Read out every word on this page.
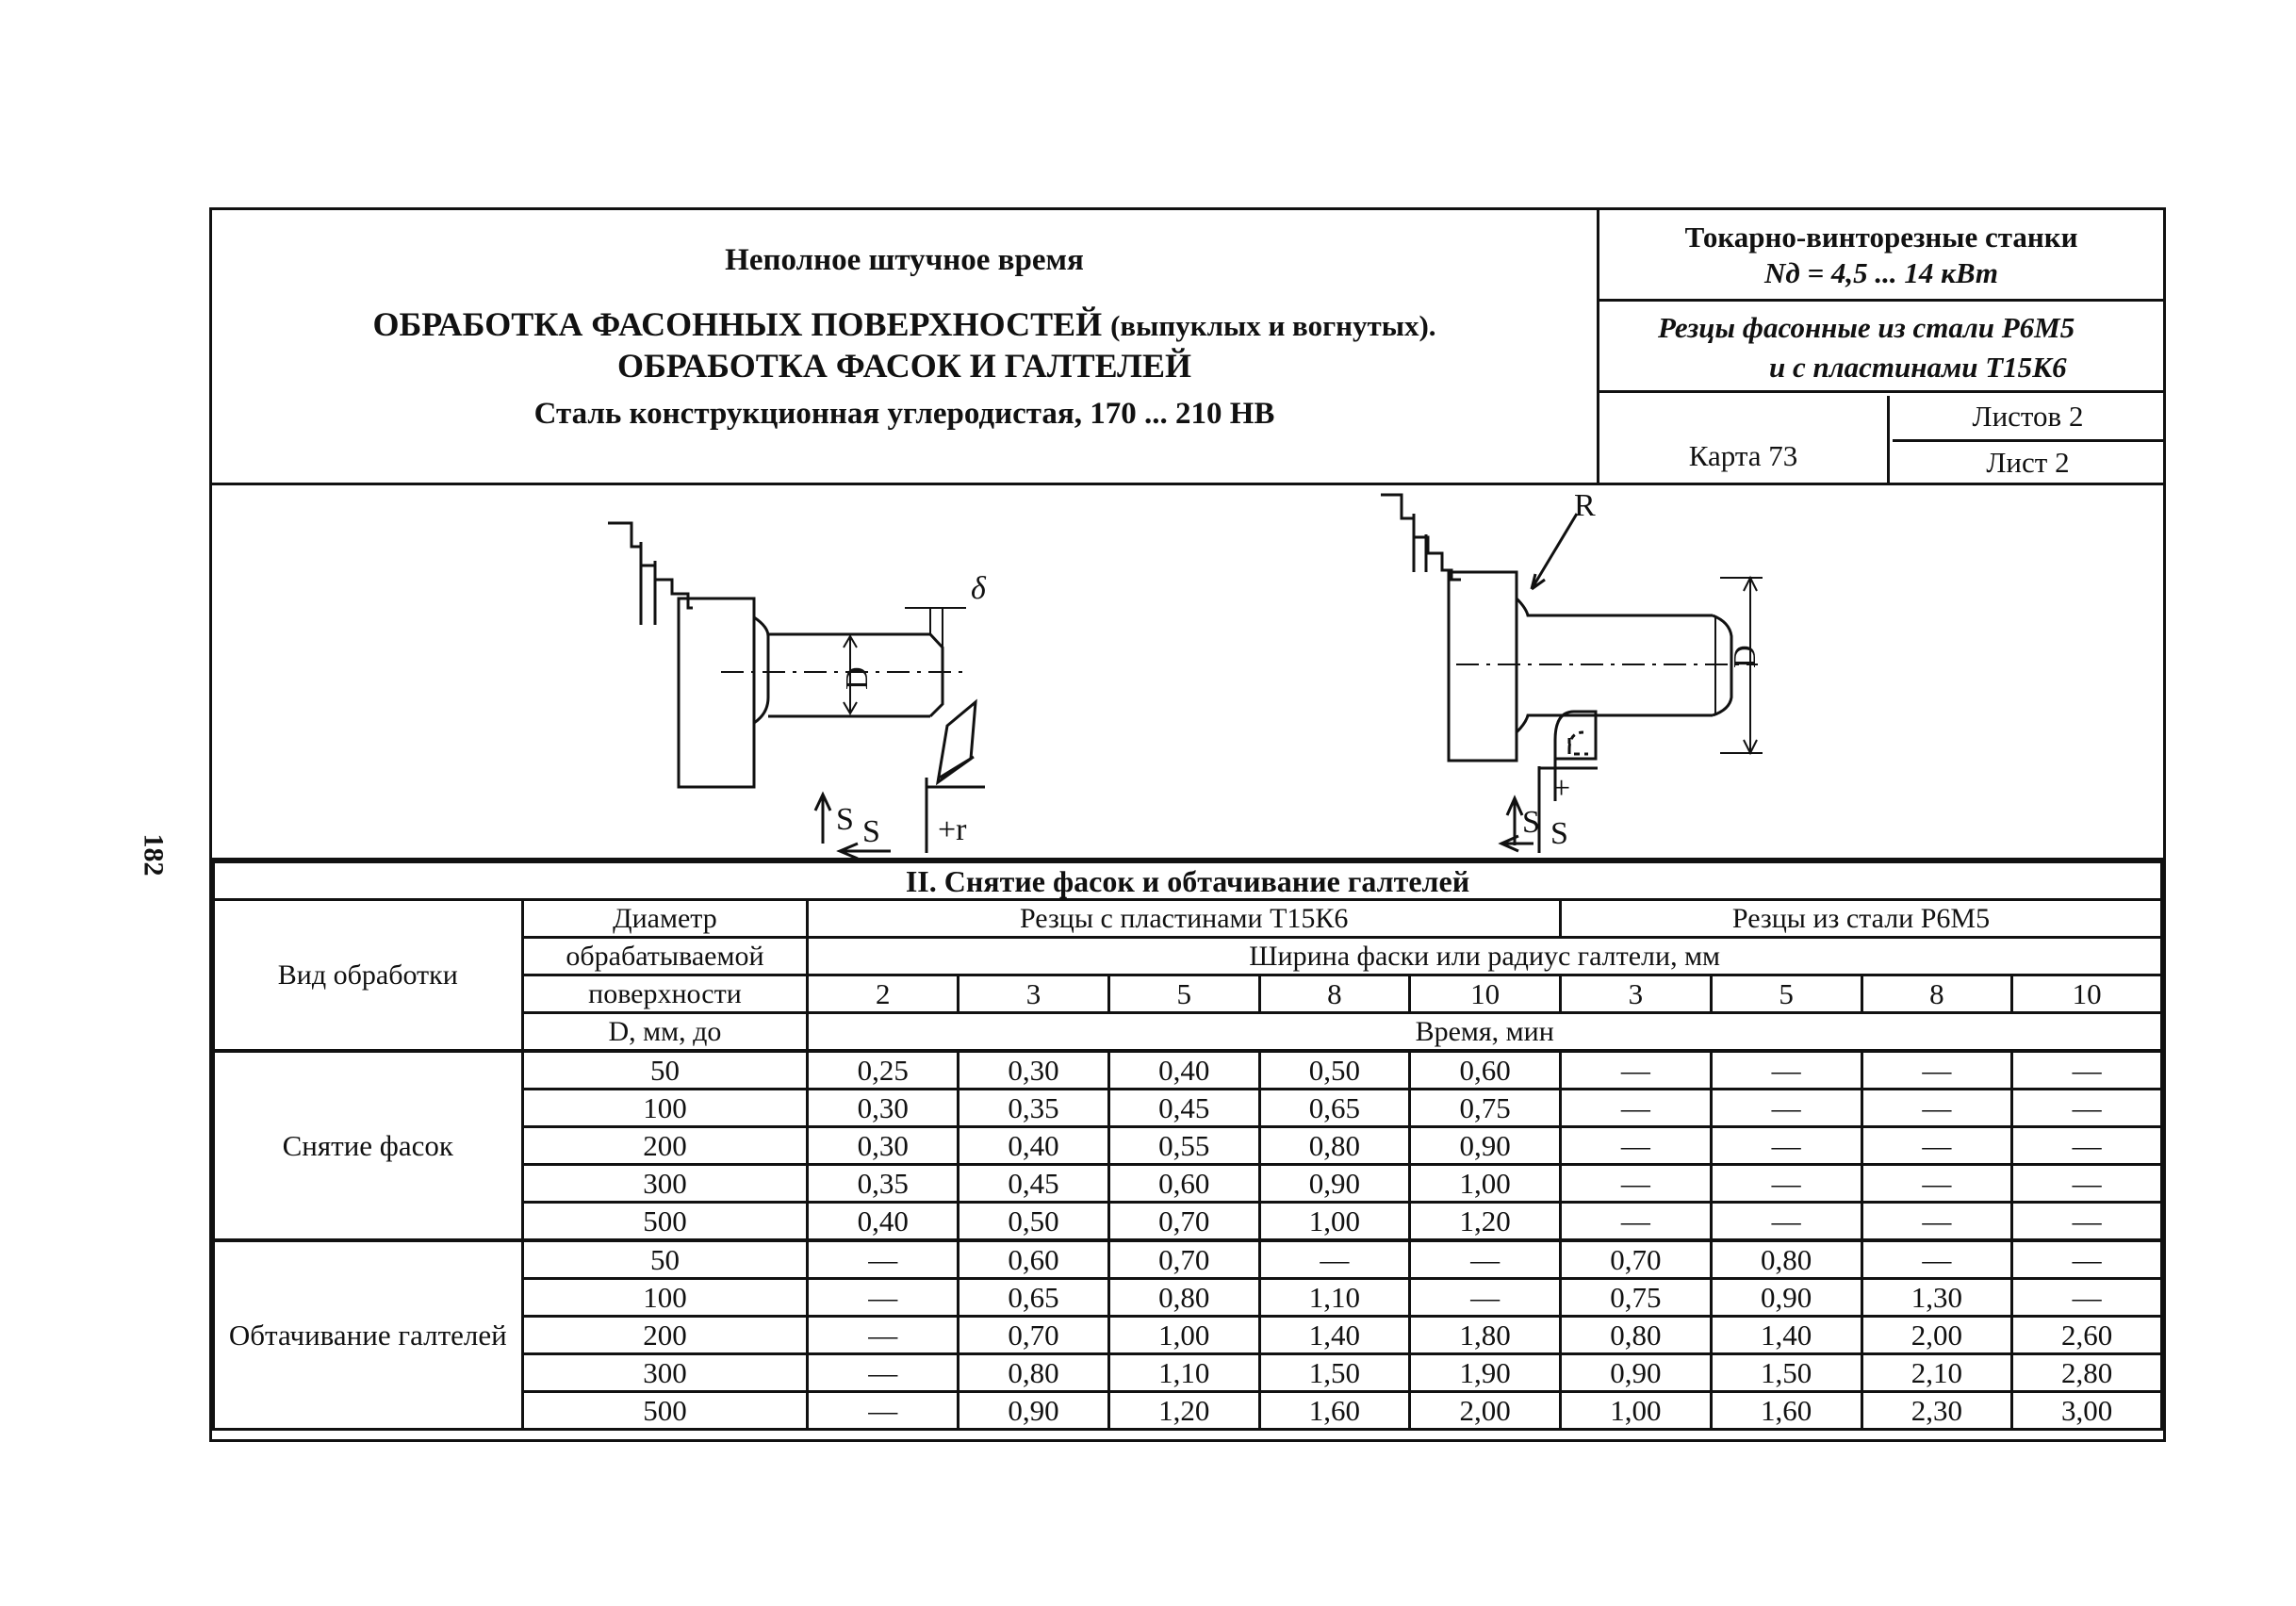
182
Неполное штучное время
ОБРАБОТКА ФАСОННЫХ ПОВЕРХНОСТЕЙ (выпуклых и вогнутых).
ОБРАБОТКА ФАСОК И ГАЛТЕЛЕЙ
Сталь конструкционная углеродистая, 170 ... 210 НВ
Токарно-винторезные станки
Nд = 4,5 ... 14 кВт
Резцы фасонные из стали Р6М5
и с пластинами Т15К6
Карта 73
Листов 2
Лист 2
D
δ
+r
S S
D
R
+
S
S
II. Снятие фасок и обтачивание галтелей										
Вид обработки	Диаметр	Резцы с пластинами Т15К6					Резцы из стали Р6М5			
	обрабатываемой	Ширина фаски или радиус галтели, мм								
	поверхности	2	3	5	8	10	3	5	8	10
	D, мм, до	Время, мин								
Снятие фасок	50	0,25	0,30	0,40	0,50	0,60	—	—	—	—
	100	0,30	0,35	0,45	0,65	0,75	—	—	—	—
	200	0,30	0,40	0,55	0,80	0,90	—	—	—	—
	300	0,35	0,45	0,60	0,90	1,00	—	—	—	—
	500	0,40	0,50	0,70	1,00	1,20	—	—	—	—
Обтачивание галтелей	50	—	0,60	0,70	—	—	0,70	0,80	—	—
	100	—	0,65	0,80	1,10	—	0,75	0,90	1,30	—
	200	—	0,70	1,00	1,40	1,80	0,80	1,40	2,00	2,60
	300	—	0,80	1,10	1,50	1,90	0,90	1,50	2,10	2,80
	500	—	0,90	1,20	1,60	2,00	1,00	1,60	2,30	3,00
